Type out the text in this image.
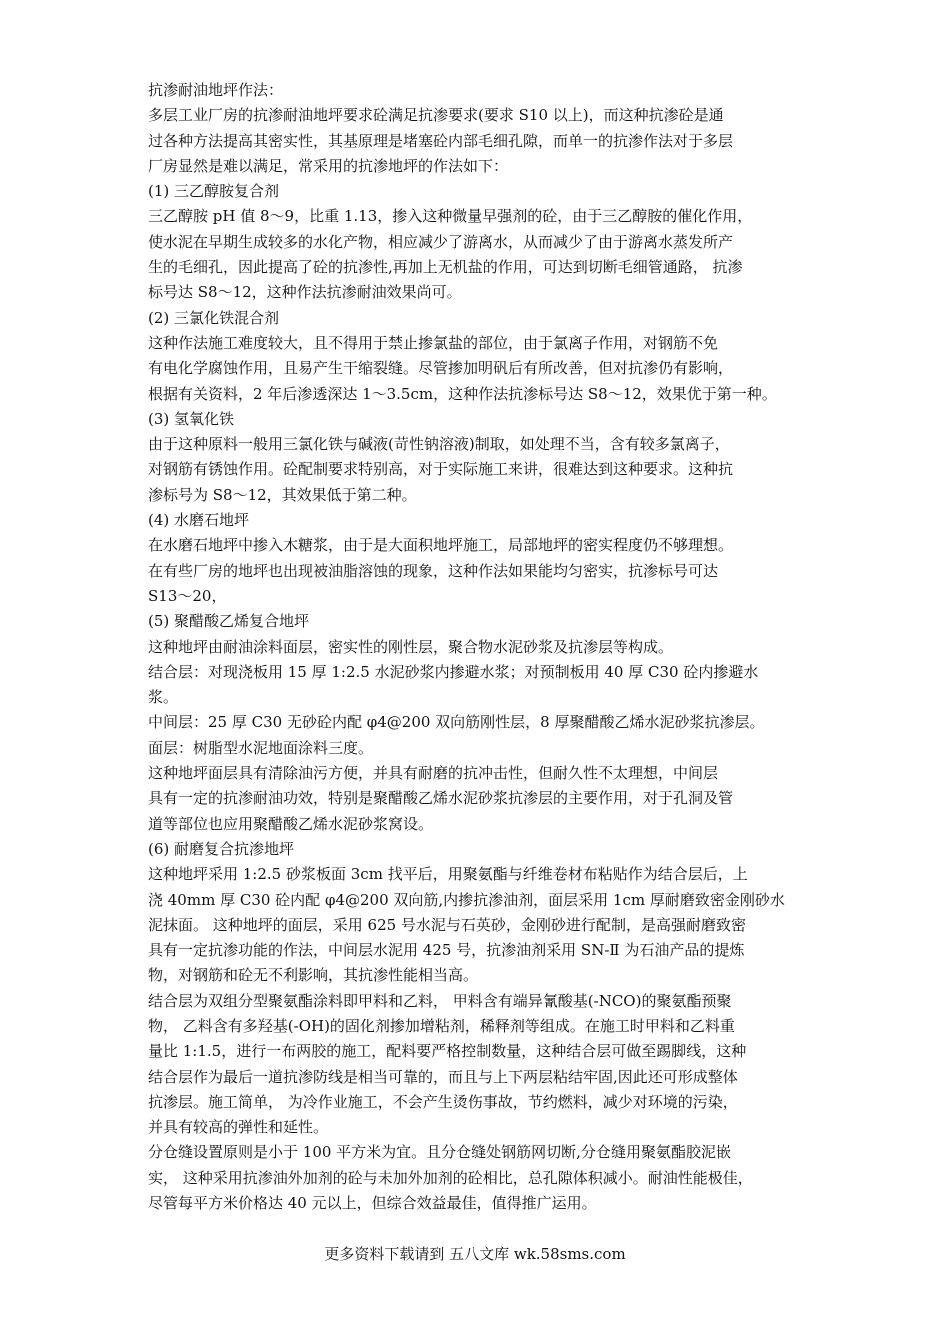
抗渗耐油地坪作法：
多层工业厂房的抗渗耐油地坪要求砼满足抗渗要求(要求 S10 以上)，而这种抗渗砼是通
过各种方法提高其密实性，其基原理是堵塞砼内部毛细孔隙，而单一的抗渗作法对于多层
厂房显然是难以满足，常采用的抗渗地坪的作法如下：
(1) 三乙醇胺复合剂
三乙醇胺 pH 值 8～9，比重 1.13，掺入这种微量早强剂的砼，由于三乙醇胺的催化作用，
使水泥在早期生成较多的水化产物，相应减少了游离水，从而减少了由于游离水蒸发所产
生的毛细孔，因此提高了砼的抗渗性,再加上无机盐的作用，可达到切断毛细管通路， 抗渗
标号达 S8～12，这种作法抗渗耐油效果尚可。
(2) 三氯化铁混合剂
这种作法施工难度较大，且不得用于禁止掺氯盐的部位，由于氯离子作用，对钢筋不免
有电化学腐蚀作用，且易产生干缩裂缝。尽管掺加明矾后有所改善，但对抗渗仍有影响，
根据有关资料，2 年后渗透深达 1～3.5cm，这种作法抗渗标号达 S8～12，效果优于第一种。
(3) 氢氧化铁
由于这种原料一般用三氯化铁与碱液(苛性钠溶液)制取，如处理不当，含有较多氯离子，
对钢筋有锈蚀作用。砼配制要求特别高，对于实际施工来讲，很难达到这种要求。这种抗
渗标号为 S8～12，其效果低于第二种。
(4) 水磨石地坪
在水磨石地坪中掺入木糖浆，由于是大面积地坪施工，局部地坪的密实程度仍不够理想。
在有些厂房的地坪也出现被油脂溶蚀的现象，这种作法如果能均匀密实，抗渗标号可达
S13～20，
(5) 聚醋酸乙烯复合地坪
这种地坪由耐油涂料面层，密实性的刚性层，聚合物水泥砂浆及抗渗层等构成。
结合层：对现浇板用 15 厚 1:2.5 水泥砂浆内掺避水浆；对预制板用 40 厚 C30 砼内掺避水
浆。
中间层：25 厚 C30 无砂砼内配 φ4@200 双向筋刚性层，8 厚聚醋酸乙烯水泥砂浆抗渗层。
面层：树脂型水泥地面涂料三度。
这种地坪面层具有清除油污方便，并具有耐磨的抗冲击性，但耐久性不太理想，中间层
具有一定的抗渗耐油功效，特别是聚醋酸乙烯水泥砂浆抗渗层的主要作用，对于孔洞及管
道等部位也应用聚醋酸乙烯水泥砂浆窝设。
(6) 耐磨复合抗渗地坪
这种地坪采用 1:2.5 砂浆板面 3cm 找平后，用聚氨酯与纤维卷材布粘贴作为结合层后，上
浇 40mm 厚 C30 砼内配 φ4@200 双向筋,内掺抗渗油剂，面层采用 1cm 厚耐磨致密金刚砂水
泥抹面。 这种地坪的面层，采用 625 号水泥与石英砂，金刚砂进行配制，是高强耐磨致密
具有一定抗渗功能的作法，中间层水泥用 425 号，抗渗油剂采用 SN-Ⅱ 为石油产品的提炼
物，对钢筋和砼无不利影响，其抗渗性能相当高。
结合层为双组分型聚氨酯涂料即甲料和乙料， 甲料含有端异氰酸基(-NCO)的聚氨酯预聚
物， 乙料含有多羟基(-OH)的固化剂掺加增粘剂，稀释剂等组成。在施工时甲料和乙料重
量比 1:1.5，进行一布两胶的施工，配料要严格控制数量，这种结合层可做至踢脚线，这种
结合层作为最后一道抗渗防线是相当可靠的，而且与上下两层粘结牢固,因此还可形成整体
抗渗层。施工简单， 为冷作业施工，不会产生烫伤事故，节约燃料，减少对环境的污染，
并具有较高的弹性和延性。
分仓缝设置原则是小于 100 平方米为宜。且分仓缝处钢筋网切断,分仓缝用聚氨酯胶泥嵌
实， 这种采用抗渗油外加剂的砼与未加外加剂的砼相比，总孔隙体积减小。耐油性能极佳，
尽管每平方米价格达 40 元以上，但综合效益最佳，值得推广运用。
更多资料下载请到 五八文库 wk.58sms.com
